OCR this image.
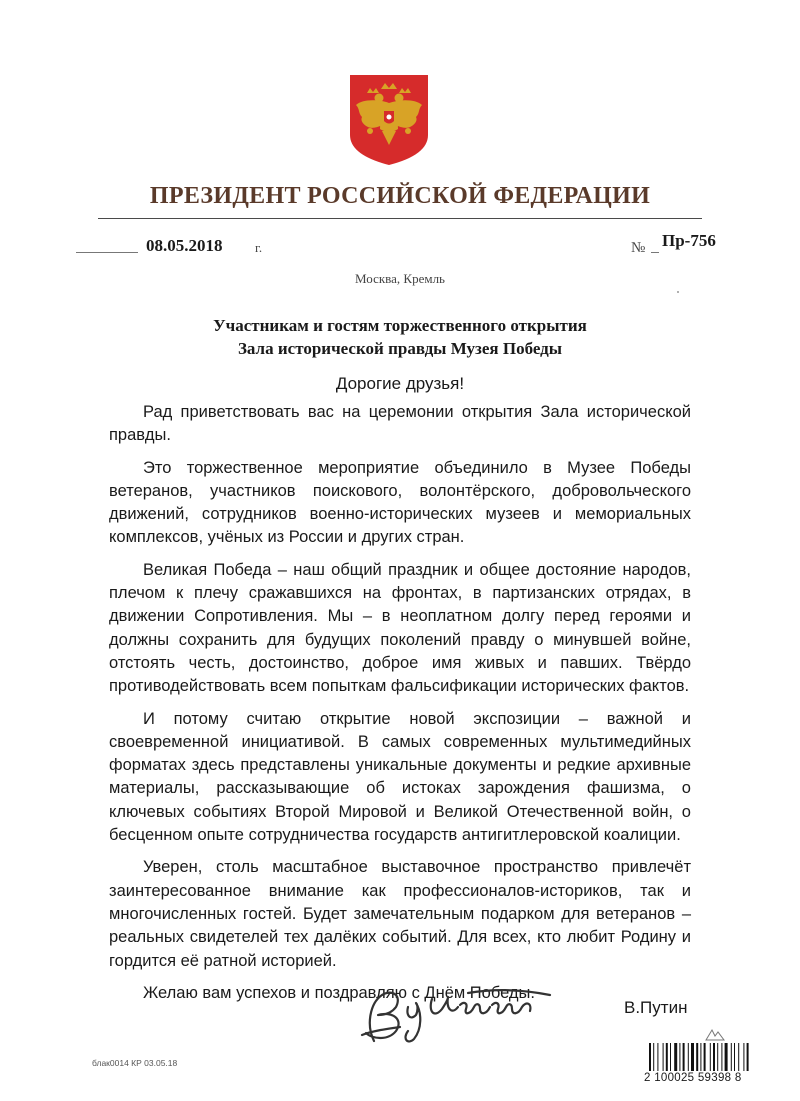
ПРЕЗИДЕНТ РОССИЙСКОЙ ФЕДЕРАЦИИ
08.05.2018	г.	№ Пр-756
Москва, Кремль
Участникам и гостям торжественного открытия
Зала исторической правды Музея Победы
Дорогие друзья!

Рад приветствовать вас на церемонии открытия Зала исторической правды.

Это торжественное мероприятие объединило в Музее Победы ветеранов, участников поискового, волонтёрского, добровольческого движений, сотрудников военно-исторических музеев и мемориальных комплексов, учёных из России и других стран.

Великая Победа – наш общий праздник и общее достояние народов, плечом к плечу сражавшихся на фронтах, в партизанских отрядах, в движении Сопротивления. Мы – в неоплатном долгу перед героями и должны сохранить для будущих поколений правду о минувшей войне, отстоять честь, достоинство, доброе имя живых и павших. Твёрдо противодействовать всем попыткам фальсификации исторических фактов.

И потому считаю открытие новой экспозиции – важной и своевременной инициативой. В самых современных мультимедийных форматах здесь представлены уникальные документы и редкие архивные материалы, рассказывающие об истоках зарождения фашизма, о ключевых событиях Второй Мировой и Великой Отечественной войн, о бесценном опыте сотрудничества государств антигитлеровской коалиции.

Уверен, столь масштабное выставочное пространство привлечёт заинтересованное внимание как профессионалов-историков, так и многочисленных гостей. Будет замечательным подарком для ветеранов – реальных свидетелей тех далёких событий. Для всех, кто любит Родину и гордится её ратной историей.

Желаю вам успехов и поздравляю с Днём Победы.

В.Путин
блак0014 КР 03.05.18
2 100025 59398 8
